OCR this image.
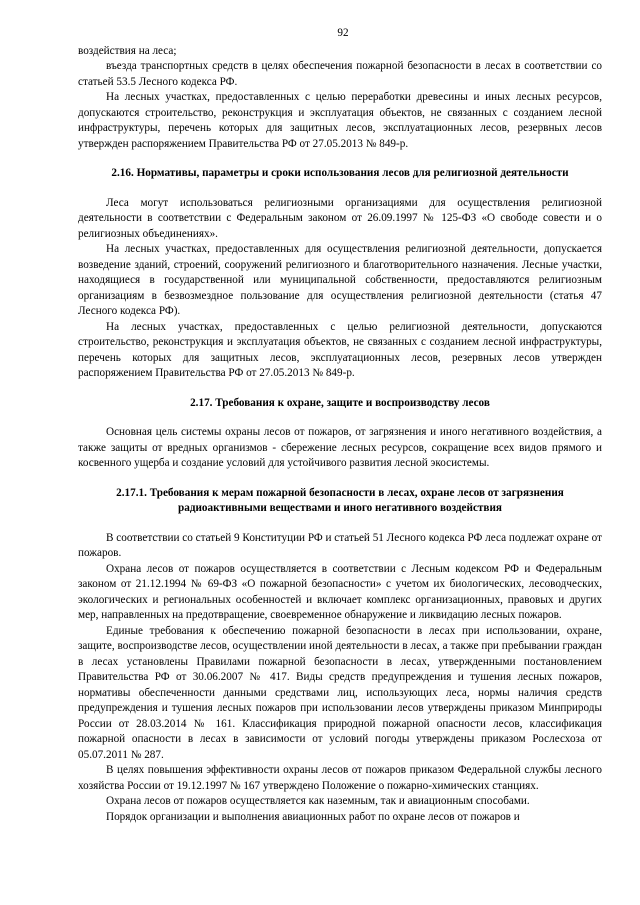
92

воздействия на леса;

въезда транспортных средств в целях обеспечения пожарной безопасности в лесах в соответствии со статьей 53.5 Лесного кодекса РФ.

На лесных участках, предоставленных с целью переработки древесины и иных лесных ресурсов, допускаются строительство, реконструкция и эксплуатация объектов, не связанных с созданием лесной инфраструктуры, перечень которых для защитных лесов, эксплуатационных лесов, резервных лесов утвержден распоряжением Правительства РФ от 27.05.2013 № 849-р.

2.16. Нормативы, параметры и сроки использования лесов для религиозной деятельности

Леса могут использоваться религиозными организациями для осуществления религиозной деятельности в соответствии с Федеральным законом от 26.09.1997 № 125-ФЗ «О свободе совести и о религиозных объединениях».

На лесных участках, предоставленных для осуществления религиозной деятельности, допускается возведение зданий, строений, сооружений религиозного и благотворительного назначения. Лесные участки, находящиеся в государственной или муниципальной собственности, предоставляются религиозным организациям в безвозмездное пользование для осуществления религиозной деятельности (статья 47 Лесного кодекса РФ).

На лесных участках, предоставленных с целью религиозной деятельности, допускаются строительство, реконструкция и эксплуатация объектов, не связанных с созданием лесной инфраструктуры, перечень которых для защитных лесов, эксплуатационных лесов, резервных лесов утвержден распоряжением Правительства РФ от 27.05.2013 № 849-р.

2.17. Требования к охране, защите и воспроизводству лесов

Основная цель системы охраны лесов от пожаров, от загрязнения и иного негативного воздействия, а также защиты от вредных организмов - сбережение лесных ресурсов, сокращение всех видов прямого и косвенного ущерба и создание условий для устойчивого развития лесной экосистемы.

2.17.1. Требования к мерам пожарной безопасности в лесах, охране лесов от загрязнения радиоактивными веществами и иного негативного воздействия

В соответствии со статьей 9 Конституции РФ и статьей 51 Лесного кодекса РФ леса подлежат охране от пожаров.

Охрана лесов от пожаров осуществляется в соответствии с Лесным кодексом РФ и Федеральным законом от 21.12.1994 № 69-ФЗ «О пожарной безопасности» с учетом их биологических, лесоводческих, экологических и региональных особенностей и включает комплекс организационных, правовых и других мер, направленных на предотвращение, своевременное обнаружение и ликвидацию лесных пожаров.

Единые требования к обеспечению пожарной безопасности в лесах при использовании, охране, защите, воспроизводстве лесов, осуществлении иной деятельности в лесах, а также при пребывании граждан в лесах установлены Правилами пожарной безопасности в лесах, утвержденными постановлением Правительства РФ от 30.06.2007 № 417. Виды средств предупреждения и тушения лесных пожаров, нормативы обеспеченности данными средствами лиц, использующих леса, нормы наличия средств предупреждения и тушения лесных пожаров при использовании лесов утверждены приказом Минприроды России от 28.03.2014 № 161. Классификация природной пожарной опасности лесов, классификация пожарной опасности в лесах в зависимости от условий погоды утверждены приказом Рослесхоза от 05.07.2011 № 287.

В целях повышения эффективности охраны лесов от пожаров приказом Федеральной службы лесного хозяйства России от 19.12.1997 № 167 утверждено Положение о пожарно-химических станциях.

Охрана лесов от пожаров осуществляется как наземным, так и авиационным способами.

Порядок организации и выполнения авиационных работ по охране лесов от пожаров и
